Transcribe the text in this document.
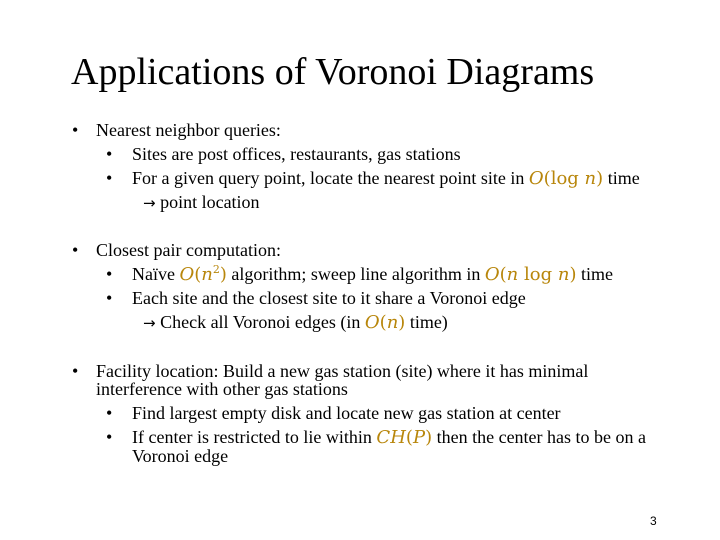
Applications of Voronoi Diagrams
• Nearest neighbor queries:
• Sites are post offices, restaurants, gas stations
• For a given query point, locate the nearest point site in O(log n) time
→ point location
• Closest pair computation:
• Naïve $O(n^2)$ algorithm; sweep line algorithm in O(n log n) time
• Each site and the closest site to it share a Voronoi edge
→ Check all Voronoi edges (in O(n) time)
• Facility location: Build a new gas station (site) where it has minimal
interference with other gas stations
• Find largest empty disk and locate new gas station at center
• If center is restricted to lie within CH(P) then the center has to be on a
Voronoi edge
3
